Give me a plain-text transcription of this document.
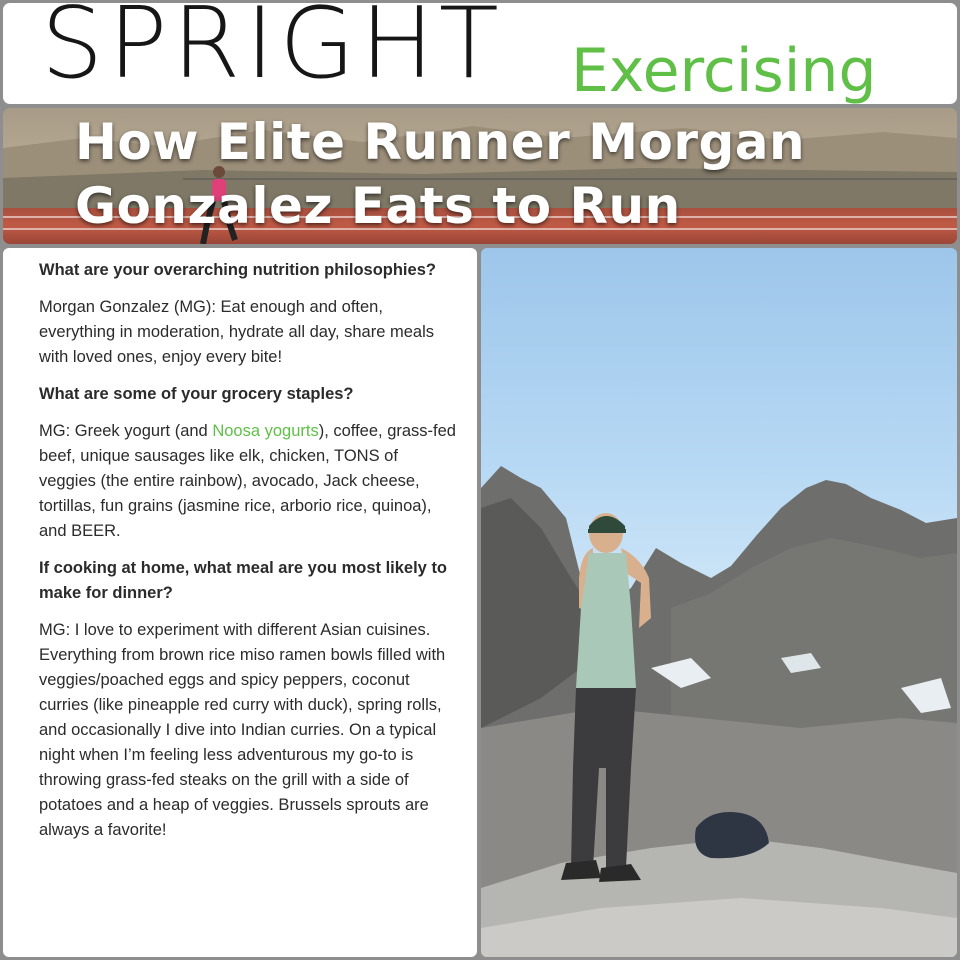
SPRIGHT Exercising
How Elite Runner Morgan
Gonzalez Eats to Run

What are your overarching nutrition philosophies?

Morgan Gonzalez (MG): Eat enough and often, everything in moderation, hydrate all day, share meals with loved ones, enjoy every bite!

What are some of your grocery staples?

MG: Greek yogurt (and Noosa yogurts), coffee, grass-fed beef, unique sausages like elk, chicken, TONS of veggies (the entire rainbow), avocado, Jack cheese, tortillas, fun grains (jasmine rice, arborio rice, quinoa), and BEER.

If cooking at home, what meal are you most likely to make for dinner?

MG: I love to experiment with different Asian cuisines. Everything from brown rice miso ramen bowls filled with veggies/poached eggs and spicy peppers, coconut curries (like pineapple red curry with duck), spring rolls, and occasionally I dive into Indian curries. On a typical night when I’m feeling less adventurous my go-to is throwing grass-fed steaks on the grill with a side of potatoes and a heap of veggies. Brussels sprouts are always a favorite!
